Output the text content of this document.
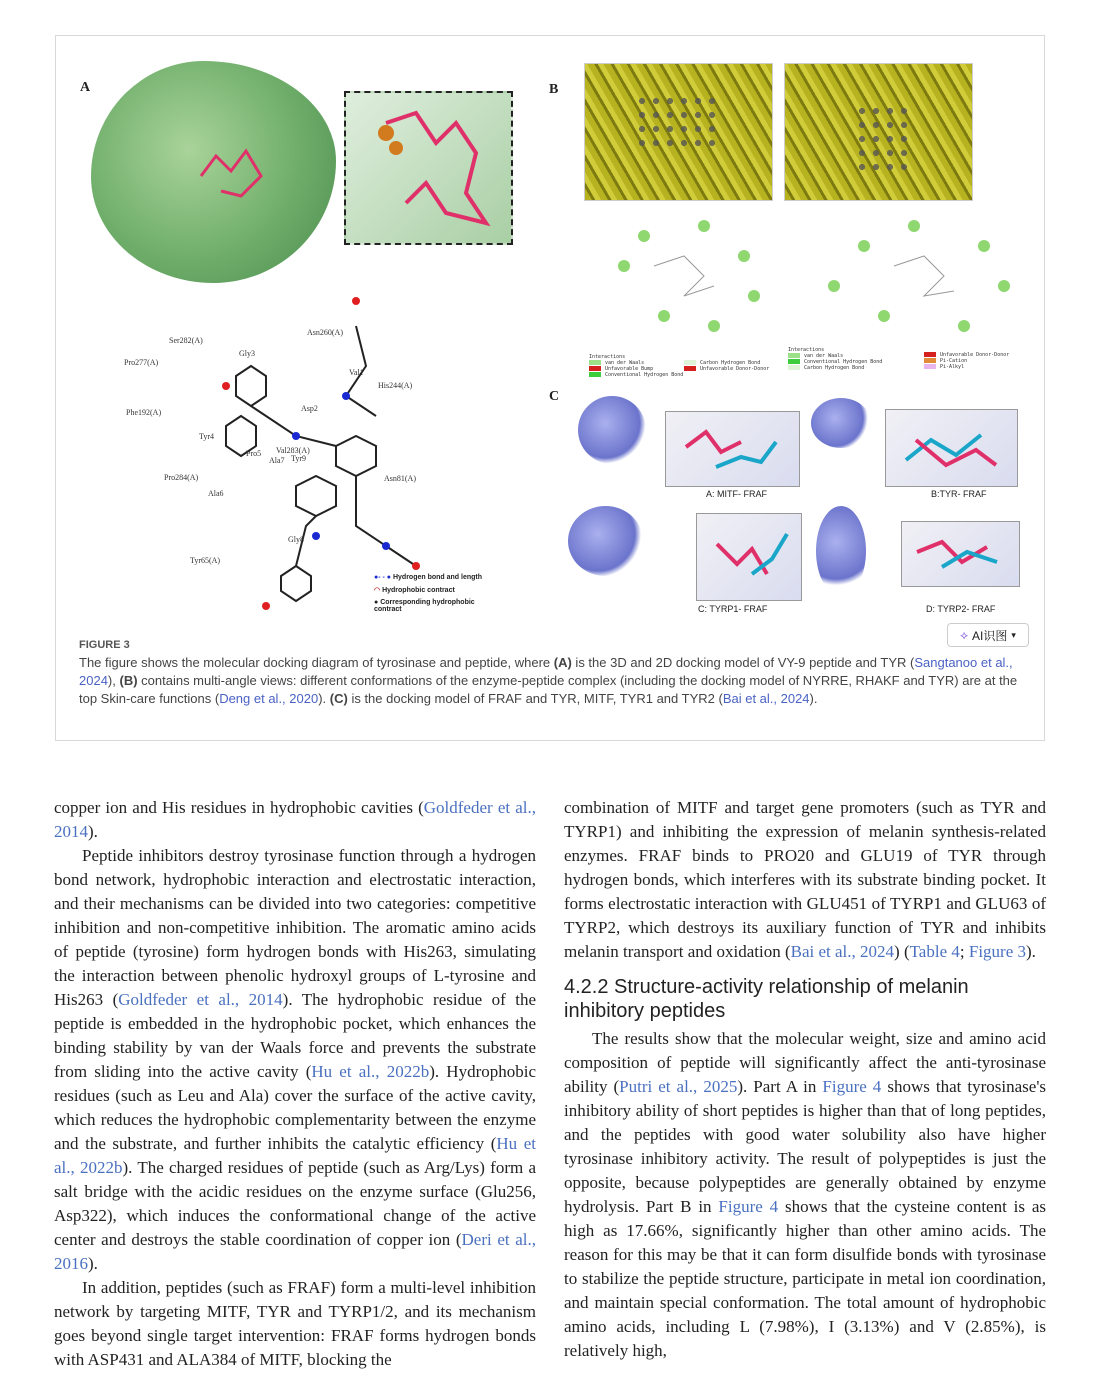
A
Gly3
Val1
Asp2
Tyr4
Pro5
Ala7 Tyr9
Ala6
Gly8
Ser282(A)
Asn260(A)
His244(A)
Pro277(A)
Phe192(A)
Pro284(A)
Tyr65(A)
Asn81(A)
Val283(A)
●- - ● Hydrogen bond and length
◠ Hydrophobic contract
● Corresponding hydrophobic contract
B
Interactions
van der Waals
Unfavorable Bump
Conventional Hydrogen Bond
Carbon Hydrogen Bond
Unfavorable Donor-Donor
Interactions
van der Waals
Conventional Hydrogen Bond
Carbon Hydrogen Bond
Unfavorable Donor-Donor
Pi-Cation
Pi-Alkyl
C
A: MITF- FRAF	B:TYR- FRAF
C: TYRP1- FRAF	D: TYRP2- FRAF
⟡ AI识图 ▾
FIGURE 3
The figure shows the molecular docking diagram of tyrosinase and peptide, where (A) is the 3D and 2D docking model of VY-9 peptide and TYR (Sangtanoo et al., 2024), (B) contains multi-angle views: different conformations of the enzyme-peptide complex (including the docking model of NYRRE, RHAKF and TYR) are at the top Skin-care functions (Deng et al., 2020). (C) is the docking model of FRAF and TYR, MITF, TYR1 and TYR2 (Bai et al., 2024).

copper ion and His residues in hydrophobic cavities (Goldfeder et al., 2014).

Peptide inhibitors destroy tyrosinase function through a hydrogen bond network, hydrophobic interaction and electrostatic interaction, and their mechanisms can be divided into two categories: competitive inhibition and non-competitive inhibition. The aromatic amino acids of peptide (tyrosine) form hydrogen bonds with His263, simulating the interaction between phenolic hydroxyl groups of L-tyrosine and His263 (Goldfeder et al., 2014). The hydrophobic residue of the peptide is embedded in the hydrophobic pocket, which enhances the binding stability by van der Waals force and prevents the substrate from sliding into the active cavity (Hu et al., 2022b). Hydrophobic residues (such as Leu and Ala) cover the surface of the active cavity, which reduces the hydrophobic complementarity between the enzyme and the substrate, and further inhibits the catalytic efficiency (Hu et al., 2022b). The charged residues of peptide (such as Arg/Lys) form a salt bridge with the acidic residues on the enzyme surface (Glu256, Asp322), which induces the conformational change of the active center and destroys the stable coordination of copper ion (Deri et al., 2016).

In addition, peptides (such as FRAF) form a multi-level inhibition network by targeting MITF, TYR and TYRP1/2, and its mechanism goes beyond single target intervention: FRAF forms hydrogen bonds with ASP431 and ALA384 of MITF, blocking the

combination of MITF and target gene promoters (such as TYR and TYRP1) and inhibiting the expression of melanin synthesis-related enzymes. FRAF binds to PRO20 and GLU19 of TYR through hydrogen bonds, which interferes with its substrate binding pocket. It forms electrostatic interaction with GLU451 of TYRP1 and GLU63 of TYRP2, which destroys its auxiliary function of TYR and inhibits melanin transport and oxidation (Bai et al., 2024) (Table 4; Figure 3).

4.2.2 Structure-activity relationship of melanin inhibitory peptides

The results show that the molecular weight, size and amino acid composition of peptide will significantly affect the anti-tyrosinase ability (Putri et al., 2025). Part A in Figure 4 shows that tyrosinase's inhibitory ability of short peptides is higher than that of long peptides, and the peptides with good water solubility also have higher tyrosinase inhibitory activity. The result of polypeptides is just the opposite, because polypeptides are generally obtained by enzyme hydrolysis. Part B in Figure 4 shows that the cysteine content is as high as 17.66%, significantly higher than other amino acids. The reason for this may be that it can form disulfide bonds with tyrosinase to stabilize the peptide structure, participate in metal ion coordination, and maintain special conformation. The total amount of hydrophobic amino acids, including L (7.98%), I (3.13%) and V (2.85%), is relatively high,
